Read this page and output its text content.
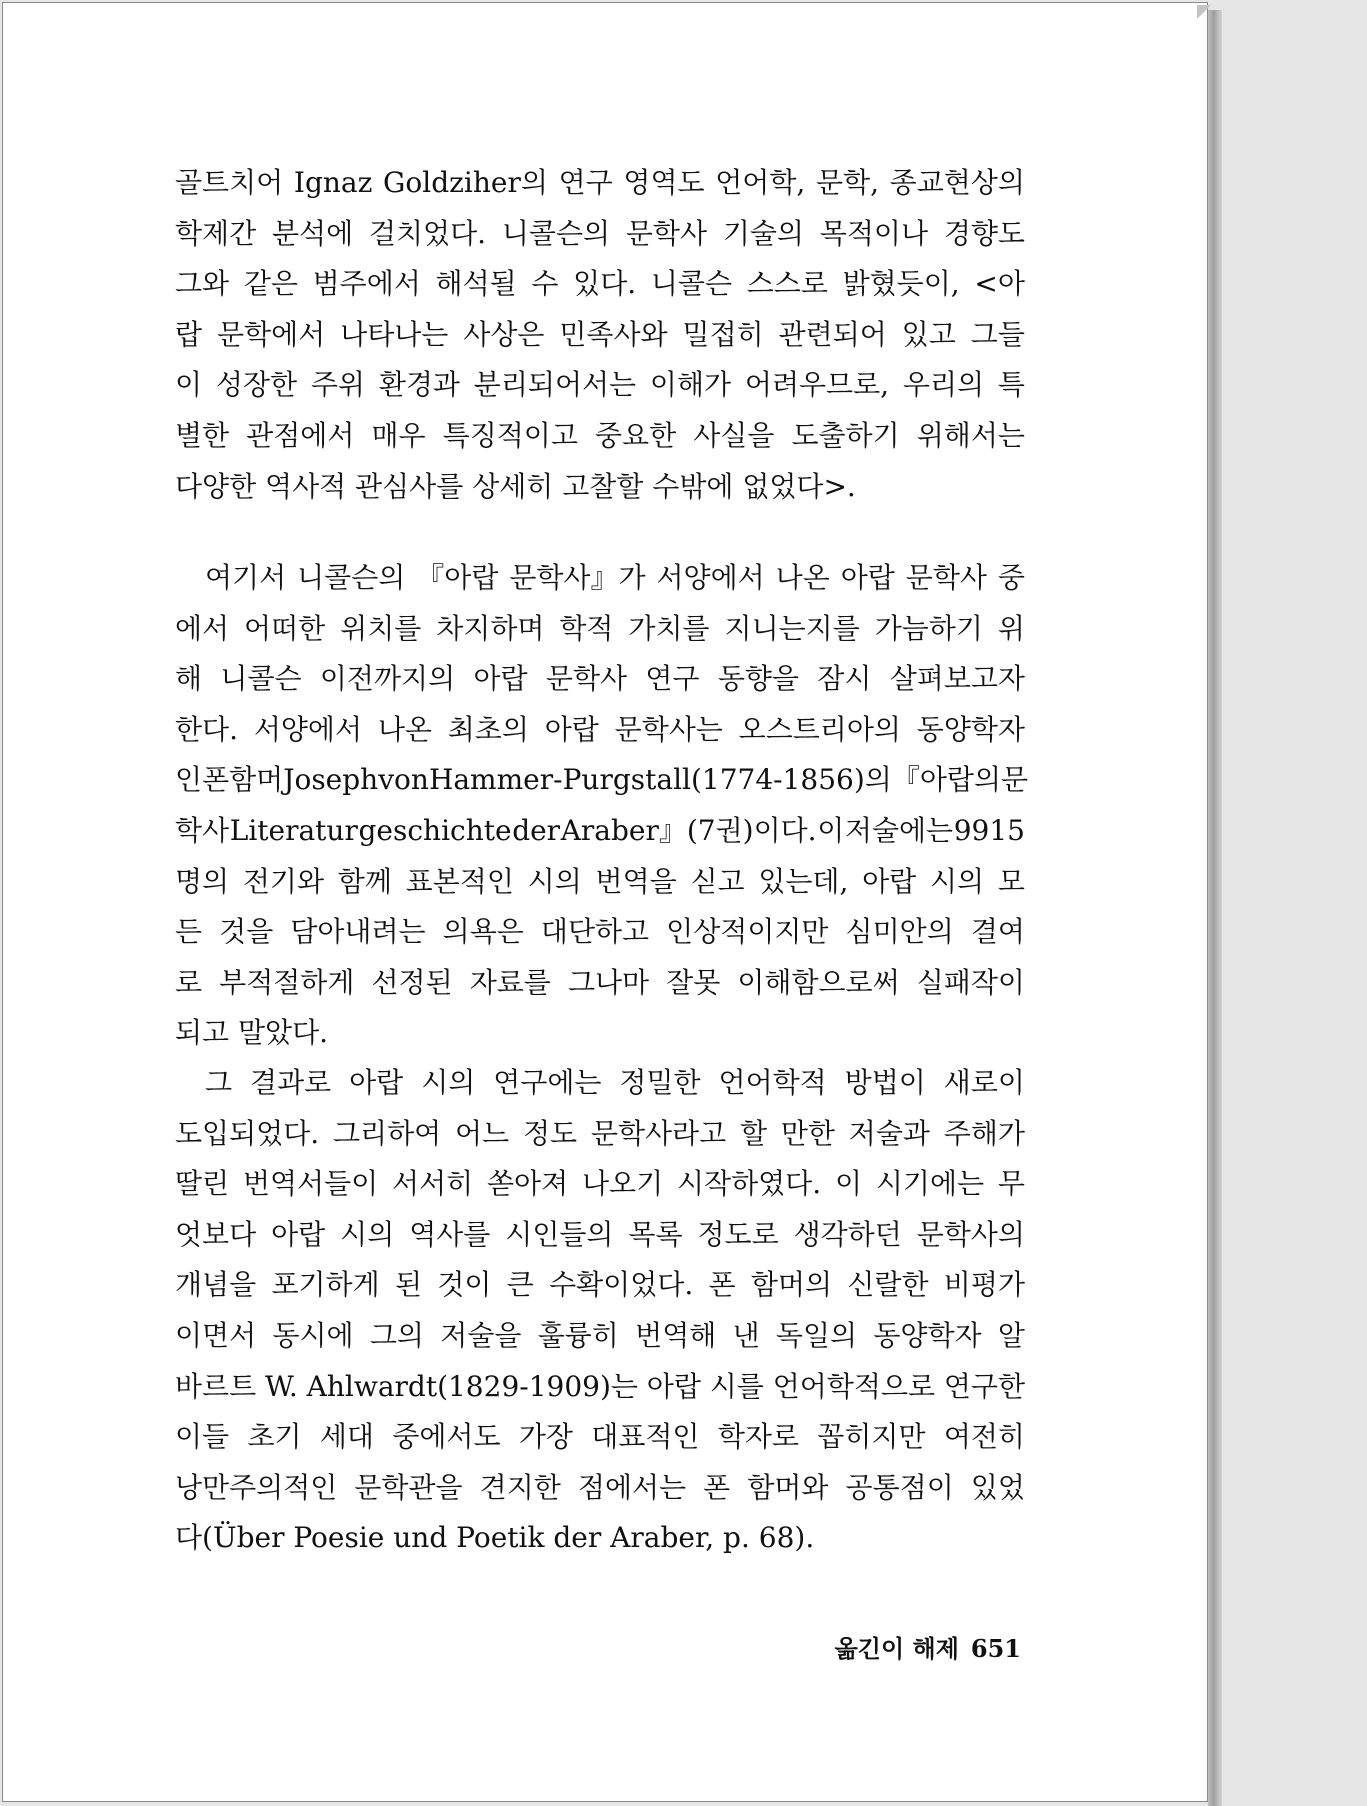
골트치어 Ignaz Goldziher의 연구 영역도 언어학, 문학, 종교현상의

학제간 분석에 걸치었다. 니콜슨의 문학사 기술의 목적이나 경향도

그와 같은 범주에서 해석될 수 있다. 니콜슨 스스로 밝혔듯이, <아

랍 문학에서 나타나는 사상은 민족사와 밀접히 관련되어 있고 그들

이 성장한 주위 환경과 분리되어서는 이해가 어려우므로, 우리의 특

별한 관점에서 매우 특징적이고 중요한 사실을 도출하기 위해서는

다양한 역사적 관심사를 상세히 고찰할 수밖에 없었다>.

여기서 니콜슨의 『아랍 문학사』가 서양에서 나온 아랍 문학사 중

에서 어떠한 위치를 차지하며 학적 가치를 지니는지를 가늠하기 위

해 니콜슨 이전까지의 아랍 문학사 연구 동향을 잠시 살펴보고자

한다. 서양에서 나온 최초의 아랍 문학사는 오스트리아의 동양학자

인 폰 함머 Joseph von Hammer-Purgstall(1774-1856)의 『아랍의 문

학사 Literatur geschichte der Araber』(7권)이다. 이 저술에는 9915

명의 전기와 함께 표본적인 시의 번역을 싣고 있는데, 아랍 시의 모

든 것을 담아내려는 의욕은 대단하고 인상적이지만 심미안의 결여

로 부적절하게 선정된 자료를 그나마 잘못 이해함으로써 실패작이

되고 말았다.

그 결과로 아랍 시의 연구에는 정밀한 언어학적 방법이 새로이

도입되었다. 그리하여 어느 정도 문학사라고 할 만한 저술과 주해가

딸린 번역서들이 서서히 쏟아져 나오기 시작하였다. 이 시기에는 무

엇보다 아랍 시의 역사를 시인들의 목록 정도로 생각하던 문학사의

개념을 포기하게 된 것이 큰 수확이었다. 폰 함머의 신랄한 비평가

이면서 동시에 그의 저술을 훌륭히 번역해 낸 독일의 동양학자 알

바르트 W. Ahlwardt(1829-1909)는 아랍 시를 언어학적으로 연구한

이들 초기 세대 중에서도 가장 대표적인 학자로 꼽히지만 여전히

낭만주의적인 문학관을 견지한 점에서는 폰 함머와 공통점이 있었

다(Über Poesie und Poetik der Araber, p. 68).

옮긴이 해제 651
